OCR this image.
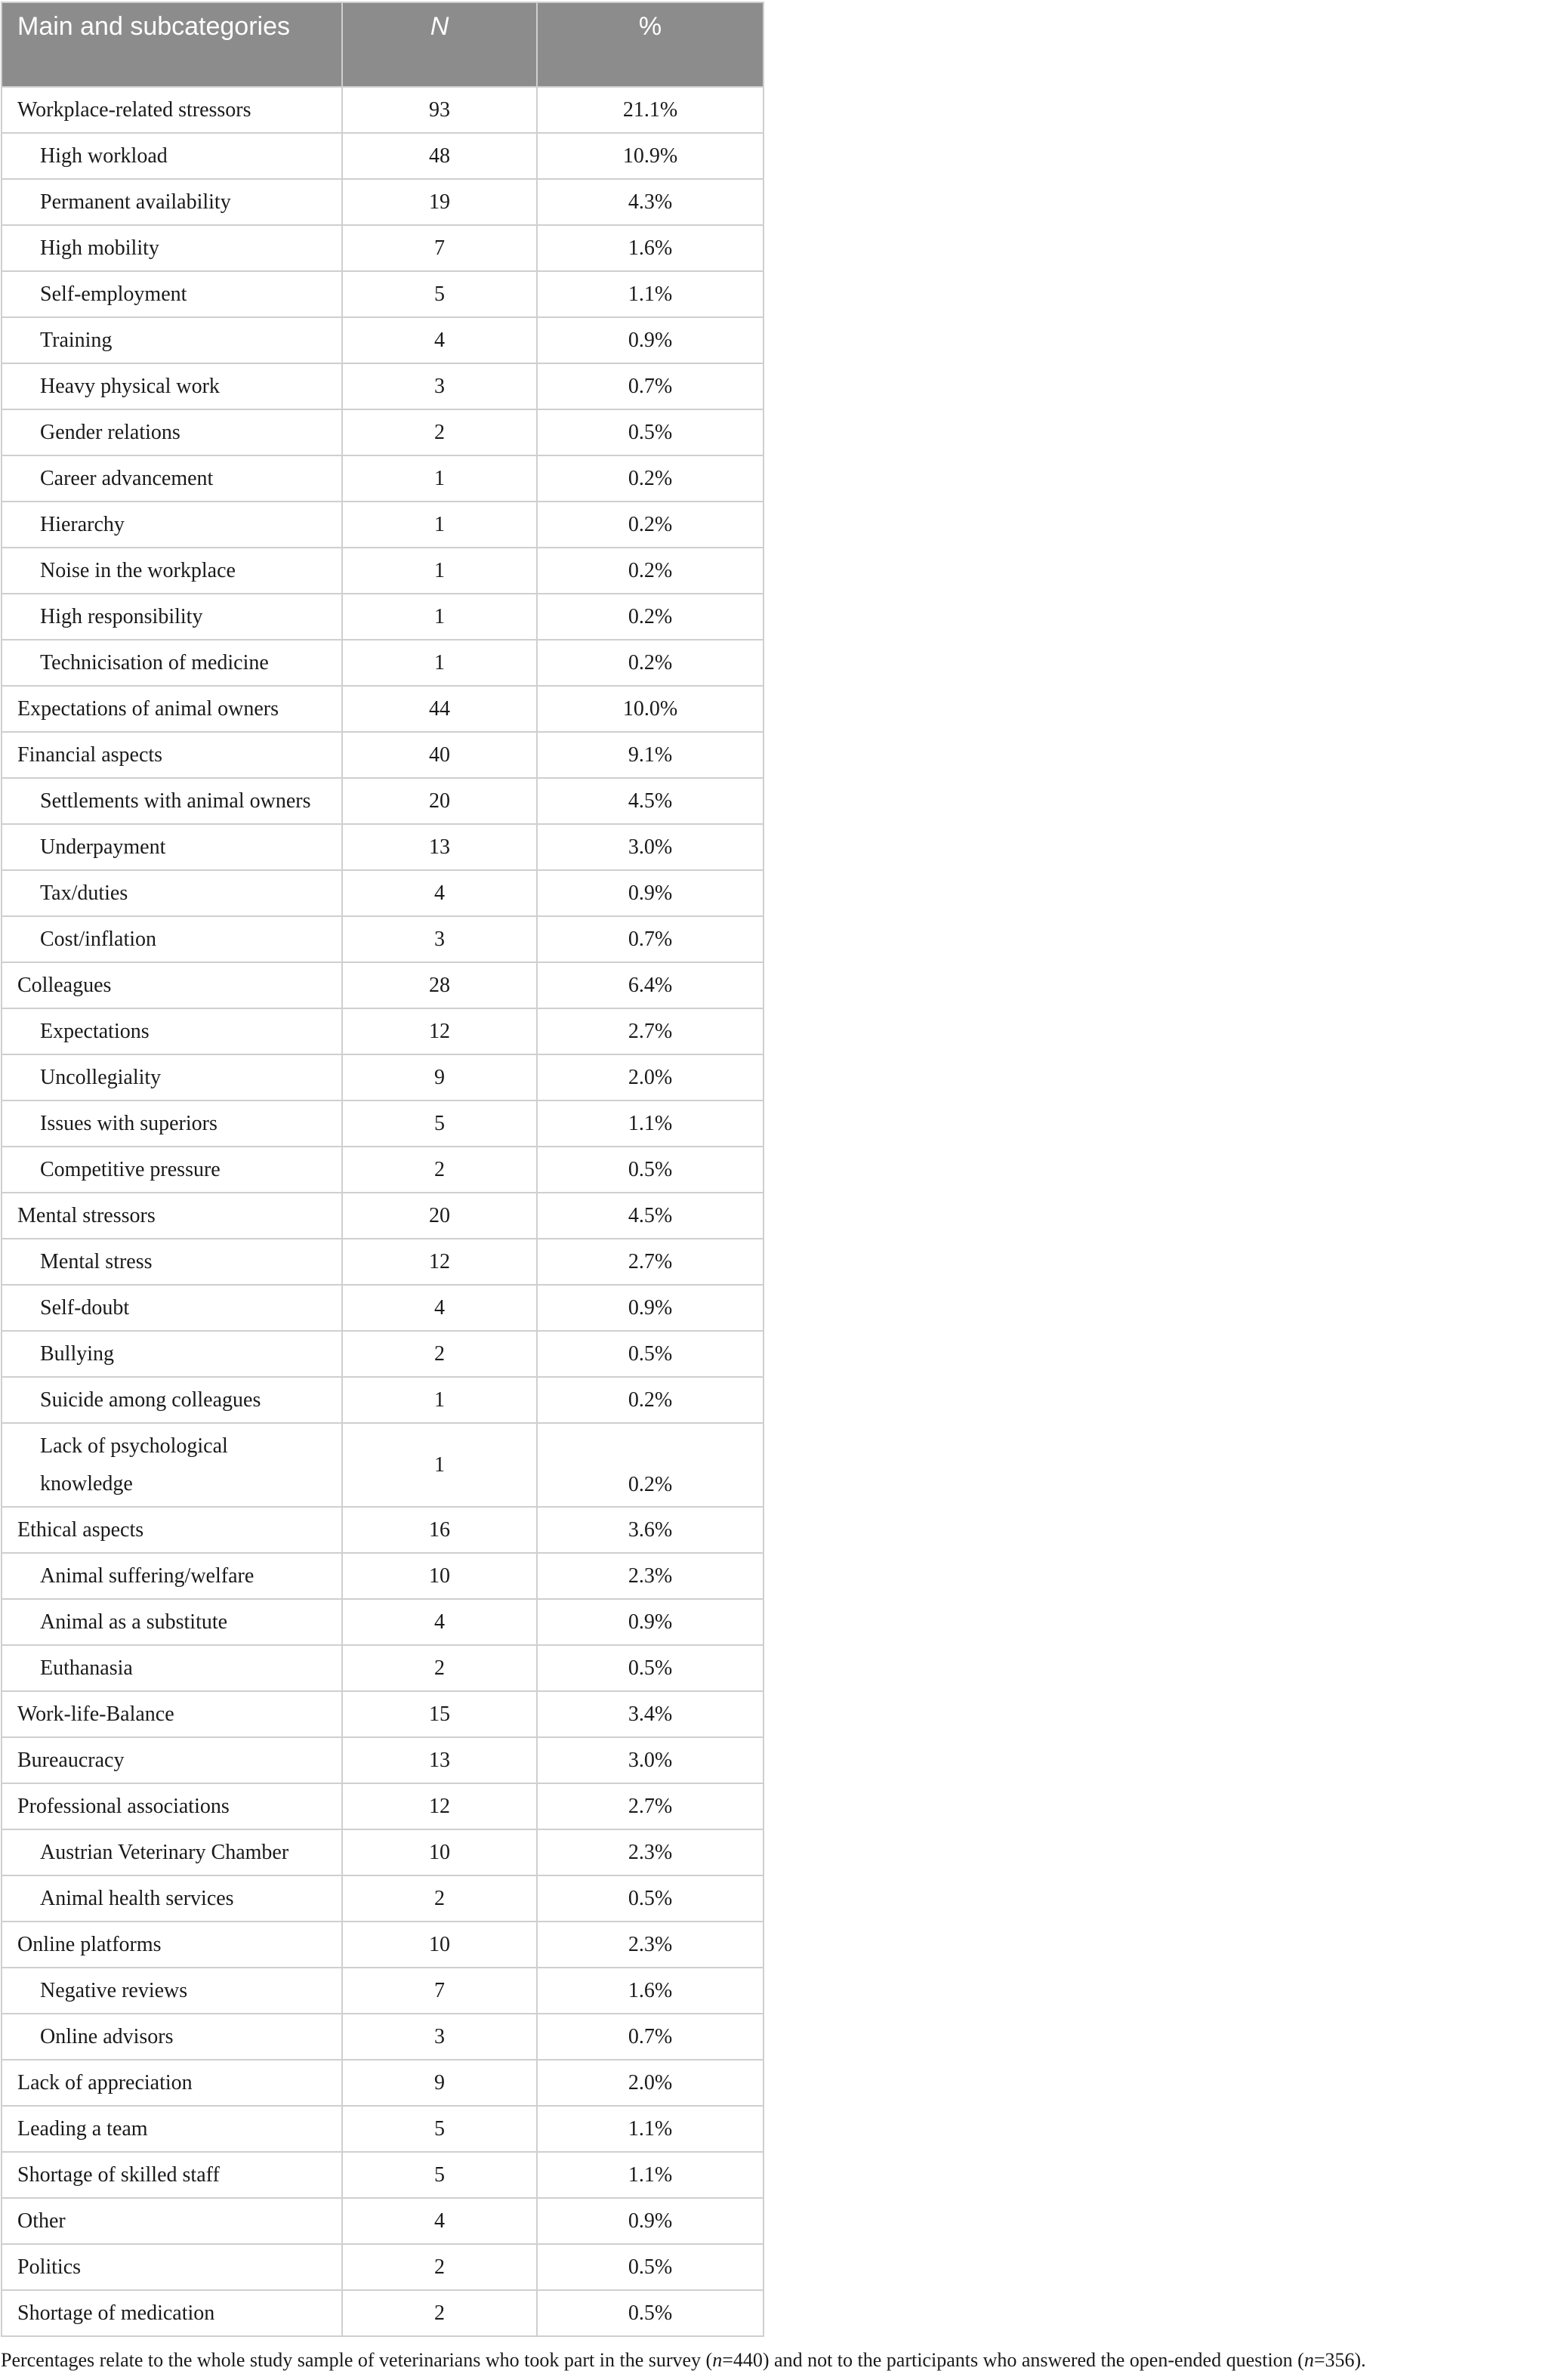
Main and subcategories	N	%
Workplace-related stressors	93	21.1%
High workload	48	10.9%
Permanent availability	19	4.3%
High mobility	7	1.6%
Self-employment	5	1.1%
Training	4	0.9%
Heavy physical work	3	0.7%
Gender relations	2	0.5%
Career advancement	1	0.2%
Hierarchy	1	0.2%
Noise in the workplace	1	0.2%
High responsibility	1	0.2%
Technicisation of medicine	1	0.2%
Expectations of animal owners	44	10.0%
Financial aspects	40	9.1%
Settlements with animal owners	20	4.5%
Underpayment	13	3.0%
Tax/duties	4	0.9%
Cost/inflation	3	0.7%
Colleagues	28	6.4%
Expectations	12	2.7%
Uncollegiality	9	2.0%
Issues with superiors	5	1.1%
Competitive pressure	2	0.5%
Mental stressors	20	4.5%
Mental stress	12	2.7%
Self-doubt	4	0.9%
Bullying	2	0.5%
Suicide among colleagues	1	0.2%
Lack of psychological knowledge	1	0.2%
Ethical aspects	16	3.6%
Animal suffering/welfare	10	2.3%
Animal as a substitute	4	0.9%
Euthanasia	2	0.5%
Work-life-Balance	15	3.4%
Bureaucracy	13	3.0%
Professional associations	12	2.7%
Austrian Veterinary Chamber	10	2.3%
Animal health services	2	0.5%
Online platforms	10	2.3%
Negative reviews	7	1.6%
Online advisors	3	0.7%
Lack of appreciation	9	2.0%
Leading a team	5	1.1%
Shortage of skilled staff	5	1.1%
Other	4	0.9%
Politics	2	0.5%
Shortage of medication	2	0.5%
Percentages relate to the whole study sample of veterinarians who took part in the survey (n=440) and not to the participants who answered the open-ended question (n=356).
